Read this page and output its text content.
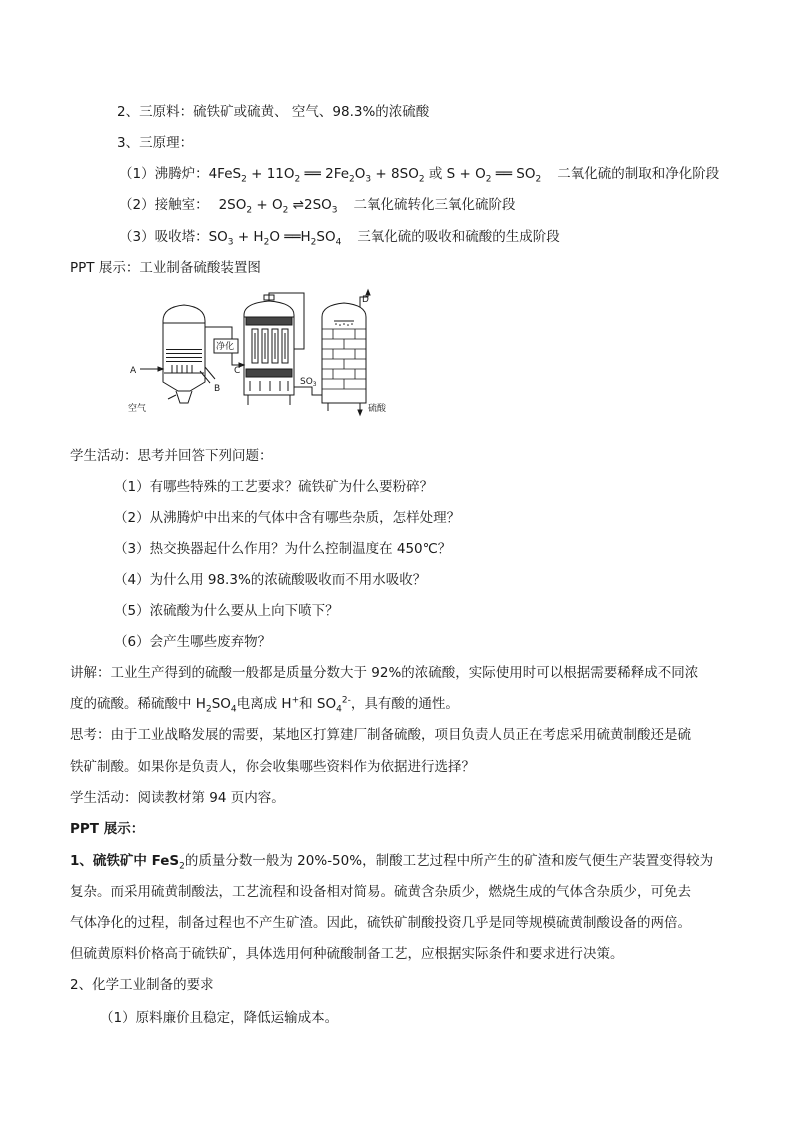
2、三原料：硫铁矿或硫黄、 空气、98.3%的浓硫酸
3、三原理：
（1）沸腾炉：$4FeS_2 + 11O_2$ ══ $2Fe_2O_3 + 8SO_2$ 或 $S + O_2$ ══ $SO_2$ 二氧化硫的制取和净化阶段
（2）接触室： $2SO_2 + O_2$ $\rightleftharpoons 2SO_3$ 二氧化硫转化三氧化硫阶段
（3）吸收塔：$SO_3 + H_2O$ $══H_2SO_4$ 三氧化硫的吸收和硫酸的生成阶段
PPT 展示：工业制备硫酸装置图
A
B
C
D
空气
净化
$SO_3$
硫酸
学生活动：思考并回答下列问题：
（1）有哪些特殊的工艺要求？硫铁矿为什么要粉碎？
（2）从沸腾炉中出来的气体中含有哪些杂质，怎样处理？
（3）热交换器起什么作用？为什么控制温度在 450℃？
（4）为什么用 98.3%的浓硫酸吸收而不用水吸收？
（5）浓硫酸为什么要从上向下喷下？
（6）会产生哪些废弃物？
讲解：工业生产得到的硫酸一般都是质量分数大于 92%的浓硫酸，实际使用时可以根据需要稀释成不同浓
度的硫酸。稀硫酸中 $H_2SO_4$电离成 H+和 $SO_4^{2-}$，具有酸的通性。
思考：由于工业战略发展的需要，某地区打算建厂制备硫酸，项目负责人员正在考虑采用硫黄制酸还是硫
铁矿制酸。如果你是负责人，你会收集哪些资料作为依据进行选择？
学生活动：阅读教材第 94 页内容。
PPT 展示：
1、硫铁矿中 FeS$_2$的质量分数一般为 20%-50%，制酸工艺过程中所产生的矿渣和废气便生产装置变得较为
复杂。而采用硫黄制酸法，工艺流程和设备相对简易。硫黄含杂质少，燃烧生成的气体含杂质少，可免去
气体净化的过程，制备过程也不产生矿渣。因此，硫铁矿制酸投资几乎是同等规模硫黄制酸设备的两倍。
但硫黄原料价格高于硫铁矿，具体选用何种硫酸制备工艺，应根据实际条件和要求进行决策。
2、化学工业制备的要求
（1）原料廉价且稳定，降低运输成本。
